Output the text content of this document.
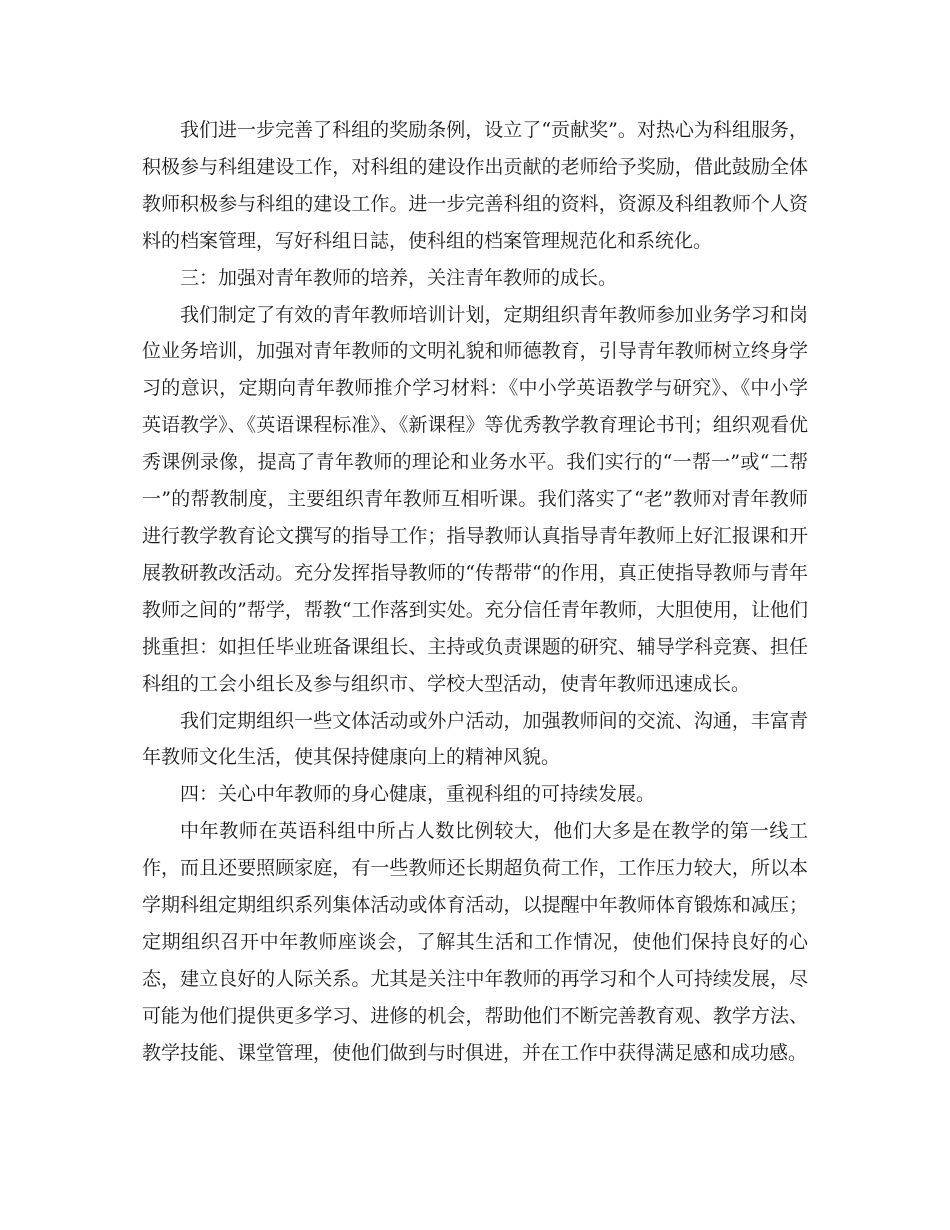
我们进一步完善了科组的奖励条例，设立了“贡献奖”。对热心为科组服务，积极参与科组建设工作，对科组的建设作出贡献的老师给予奖励，借此鼓励全体教师积极参与科组的建设工作。进一步完善科组的资料，资源及科组教师个人资料的档案管理，写好科组日誌，使科组的档案管理规范化和系统化。

三：加强对青年教师的培养，关注青年教师的成长。

我们制定了有效的青年教师培训计划，定期组织青年教师参加业务学习和岗位业务培训，加强对青年教师的文明礼貌和师德教育，引导青年教师树立终身学习的意识，定期向青年教师推介学习材料：《中小学英语教学与研究》、《中小学英语教学》、《英语课程标准》、《新课程》等优秀教学教育理论书刊；组织观看优秀课例录像，提高了青年教师的理论和业务水平。我们实行的“一帮一”或“二帮一”的帮教制度，主要组织青年教师互相听课。我们落实了“老”教师对青年教师进行教学教育论文撰写的指导工作；指导教师认真指导青年教师上好汇报课和开展教研教改活动。充分发挥指导教师的“传帮带“的作用，真正使指导教师与青年教师之间的”帮学，帮教“工作落到实处。充分信任青年教师，大胆使用，让他们挑重担：如担任毕业班备课组长、主持或负责课题的研究、辅导学科竞赛、担任科组的工会小组长及参与组织市、学校大型活动，使青年教师迅速成长。

我们定期组织一些文体活动或外户活动，加强教师间的交流、沟通，丰富青年教师文化生活，使其保持健康向上的精神风貌。

四：关心中年教师的身心健康，重视科组的可持续发展。

中年教师在英语科组中所占人数比例较大，他们大多是在教学的第一线工作，而且还要照顾家庭，有一些教师还长期超负荷工作，工作压力较大，所以本学期科组定期组织系列集体活动或体育活动，以提醒中年教师体育锻炼和减压；定期组织召开中年教师座谈会，了解其生活和工作情况，使他们保持良好的心态，建立良好的人际关系。尤其是关注中年教师的再学习和个人可持续发展，尽可能为他们提供更多学习、进修的机会，帮助他们不断完善教育观、教学方法、教学技能、课堂管理，使他们做到与时俱进，并在工作中获得满足感和成功感。
